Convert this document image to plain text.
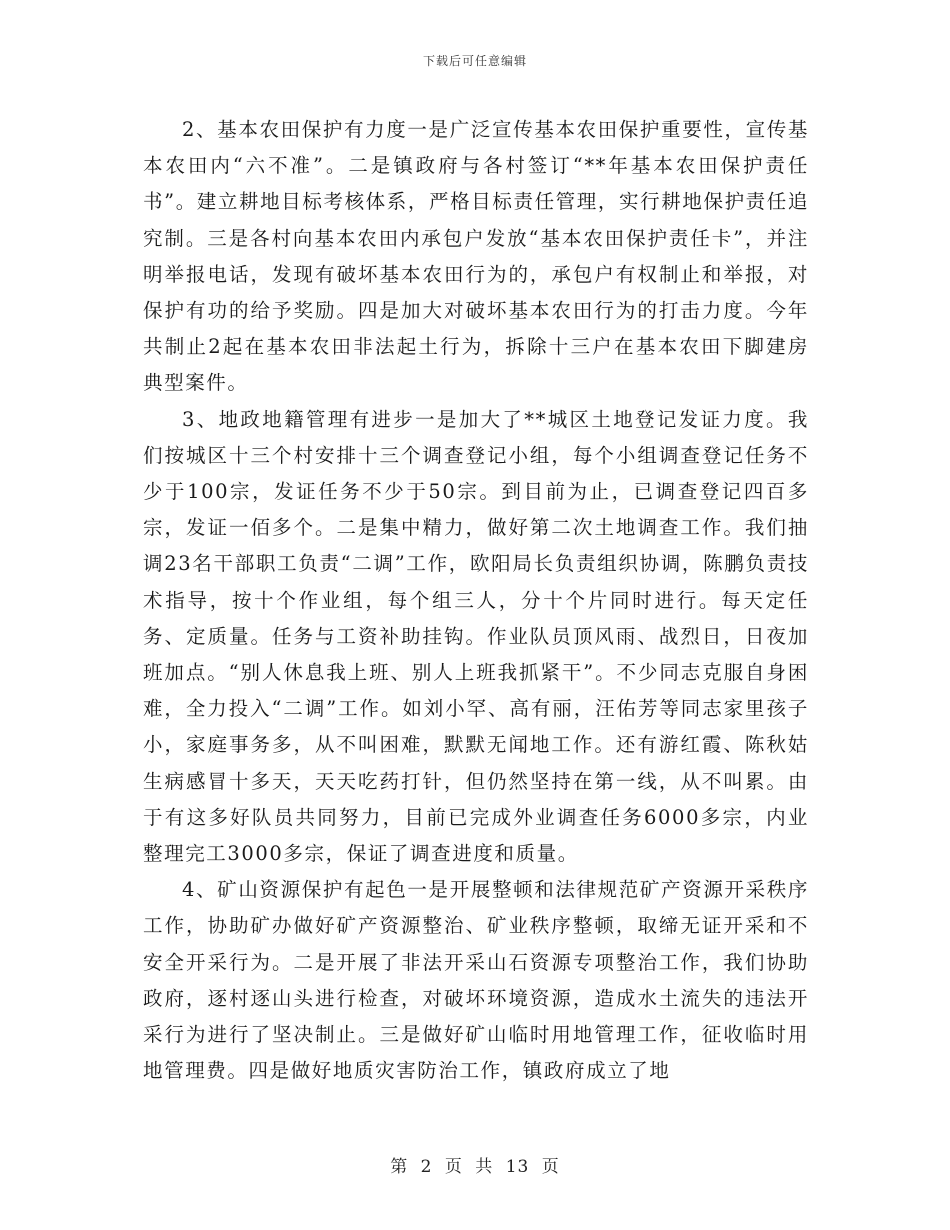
下载后可任意编辑

2、基本农田保护有力度一是广泛宣传基本农田保护重要性，宣传基本农田内“六不准”。二是镇政府与各村签订“**年基本农田保护责任书”。建立耕地目标考核体系，严格目标责任管理，实行耕地保护责任追究制。三是各村向基本农田内承包户发放“基本农田保护责任卡”，并注明举报电话，发现有破坏基本农田行为的，承包户有权制止和举报，对保护有功的给予奖励。四是加大对破坏基本农田行为的打击力度。今年共制止2起在基本农田非法起土行为，拆除十三户在基本农田下脚建房典型案件。

3、地政地籍管理有进步一是加大了**城区土地登记发证力度。我们按城区十三个村安排十三个调查登记小组，每个小组调查登记任务不少于100宗，发证任务不少于50宗。到目前为止，已调查登记四百多宗，发证一佰多个。二是集中精力，做好第二次土地调查工作。我们抽调23名干部职工负责“二调”工作，欧阳局长负责组织协调，陈鹏负责技术指导，按十个作业组，每个组三人，分十个片同时进行。每天定任务、定质量。任务与工资补助挂钩。作业队员顶风雨、战烈日，日夜加班加点。“别人休息我上班、别人上班我抓紧干”。不少同志克服自身困难，全力投入“二调”工作。如刘小罕、高有丽，汪佑芳等同志家里孩子小，家庭事务多，从不叫困难，默默无闻地工作。还有游红霞、陈秋姑生病感冒十多天，天天吃药打针，但仍然坚持在第一线，从不叫累。由于有这多好队员共同努力，目前已完成外业调查任务6000多宗，内业整理完工3000多宗，保证了调查进度和质量。

4、矿山资源保护有起色一是开展整顿和法律规范矿产资源开采秩序工作，协助矿办做好矿产资源整治、矿业秩序整顿，取缔无证开采和不安全开采行为。二是开展了非法开采山石资源专项整治工作，我们协助政府，逐村逐山头进行检查，对破坏环境资源，造成水土流失的违法开采行为进行了坚决制止。三是做好矿山临时用地管理工作，征收临时用地管理费。四是做好地质灾害防治工作，镇政府成立了地

第 2 页 共 13 页
